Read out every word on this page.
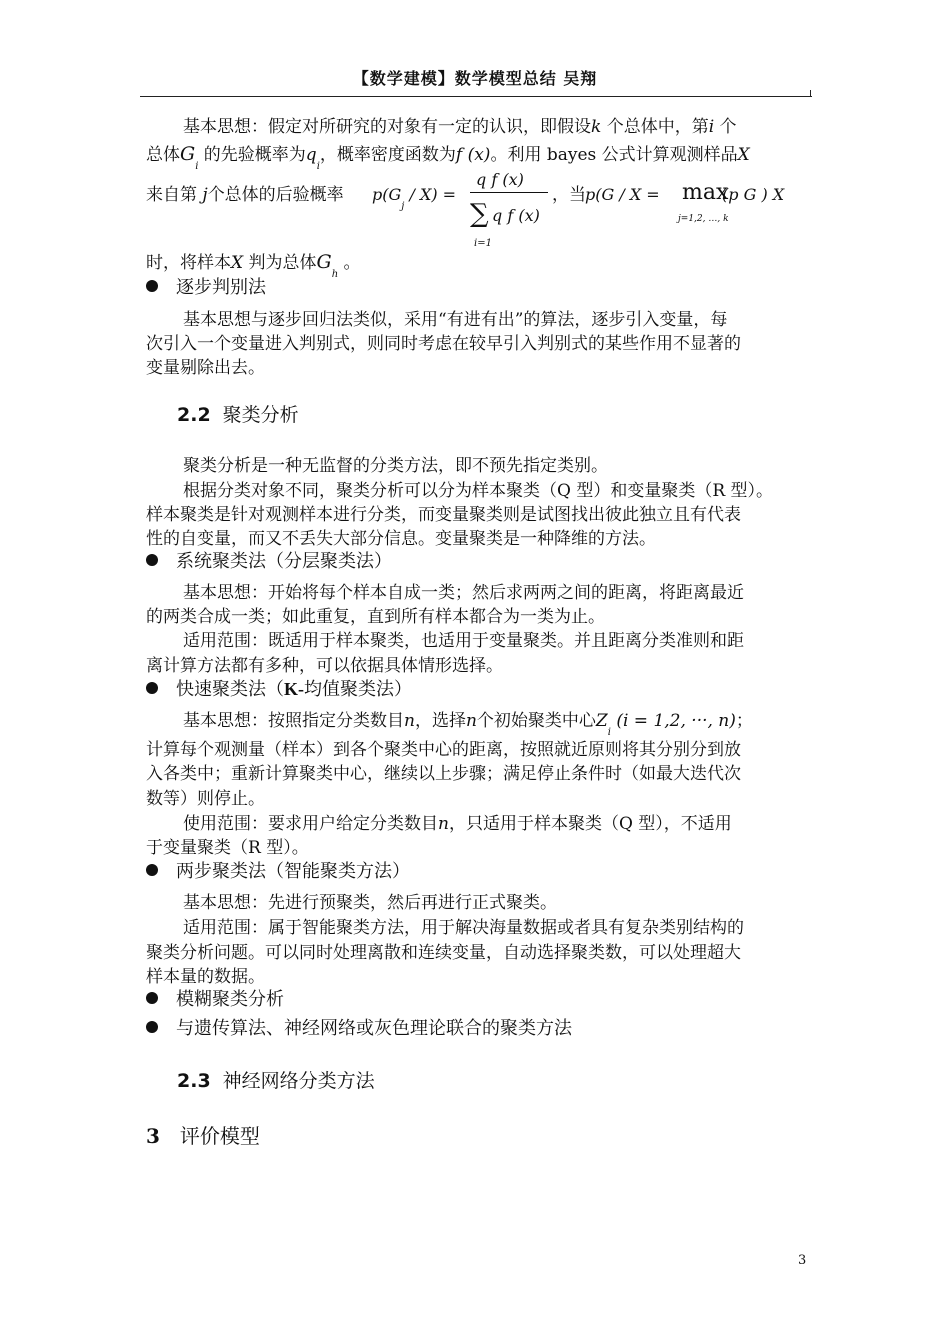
【数学建模】数学模型总结 吴翔
基本思想：假定对所研究的对象有一定的认识，即假设k 个总体中，第i 个
总体$G_i$ 的先验概率为$q_i$，概率密度函数为f (x)。利用 bayes 公式计算观测样品X
来自第 j个总体的后验概率 $p(G_j / X)$ =
q f (x)
∑ q f (x)
i=1
，当 p(G / X = max
j=1,2, …, k
(p G ) X
时，将样本X 判为总体$G_h$ 。
逐步判别法
基本思想与逐步回归法类似，采用“有进有出”的算法，逐步引入变量，每
次引入一个变量进入判别式，则同时考虑在较早引入判别式的某些作用不显著的
变量剔除出去。
2.2 聚类分析
聚类分析是一种无监督的分类方法，即不预先指定类别。
根据分类对象不同，聚类分析可以分为样本聚类（Q 型）和变量聚类（R 型）。
样本聚类是针对观测样本进行分类，而变量聚类则是试图找出彼此独立且有代表
性的自变量，而又不丢失大部分信息。变量聚类是一种降维的方法。
系统聚类法（分层聚类法）
基本思想：开始将每个样本自成一类；然后求两两之间的距离，将距离最近
的两类合成一类；如此重复，直到所有样本都合为一类为止。
适用范围：既适用于样本聚类，也适用于变量聚类。并且距离分类准则和距
离计算方法都有多种，可以依据具体情形选择。
快速聚类法（K-均值聚类法）
基本思想：按照指定分类数目n，选择n个初始聚类中心$Z_i$ (i = 1,2, ···, n)；
计算每个观测量（样本）到各个聚类中心的距离，按照就近原则将其分别分到放
入各类中；重新计算聚类中心，继续以上步骤；满足停止条件时（如最大迭代次
数等）则停止。
使用范围：要求用户给定分类数目n，只适用于样本聚类（Q 型），不适用
于变量聚类（R 型）。
两步聚类法（智能聚类方法）
基本思想：先进行预聚类，然后再进行正式聚类。
适用范围：属于智能聚类方法，用于解决海量数据或者具有复杂类别结构的
聚类分析问题。可以同时处理离散和连续变量，自动选择聚类数，可以处理超大
样本量的数据。
模糊聚类分析
与遗传算法、神经网络或灰色理论联合的聚类方法
2.3 神经网络分类方法
3 评价模型
3
